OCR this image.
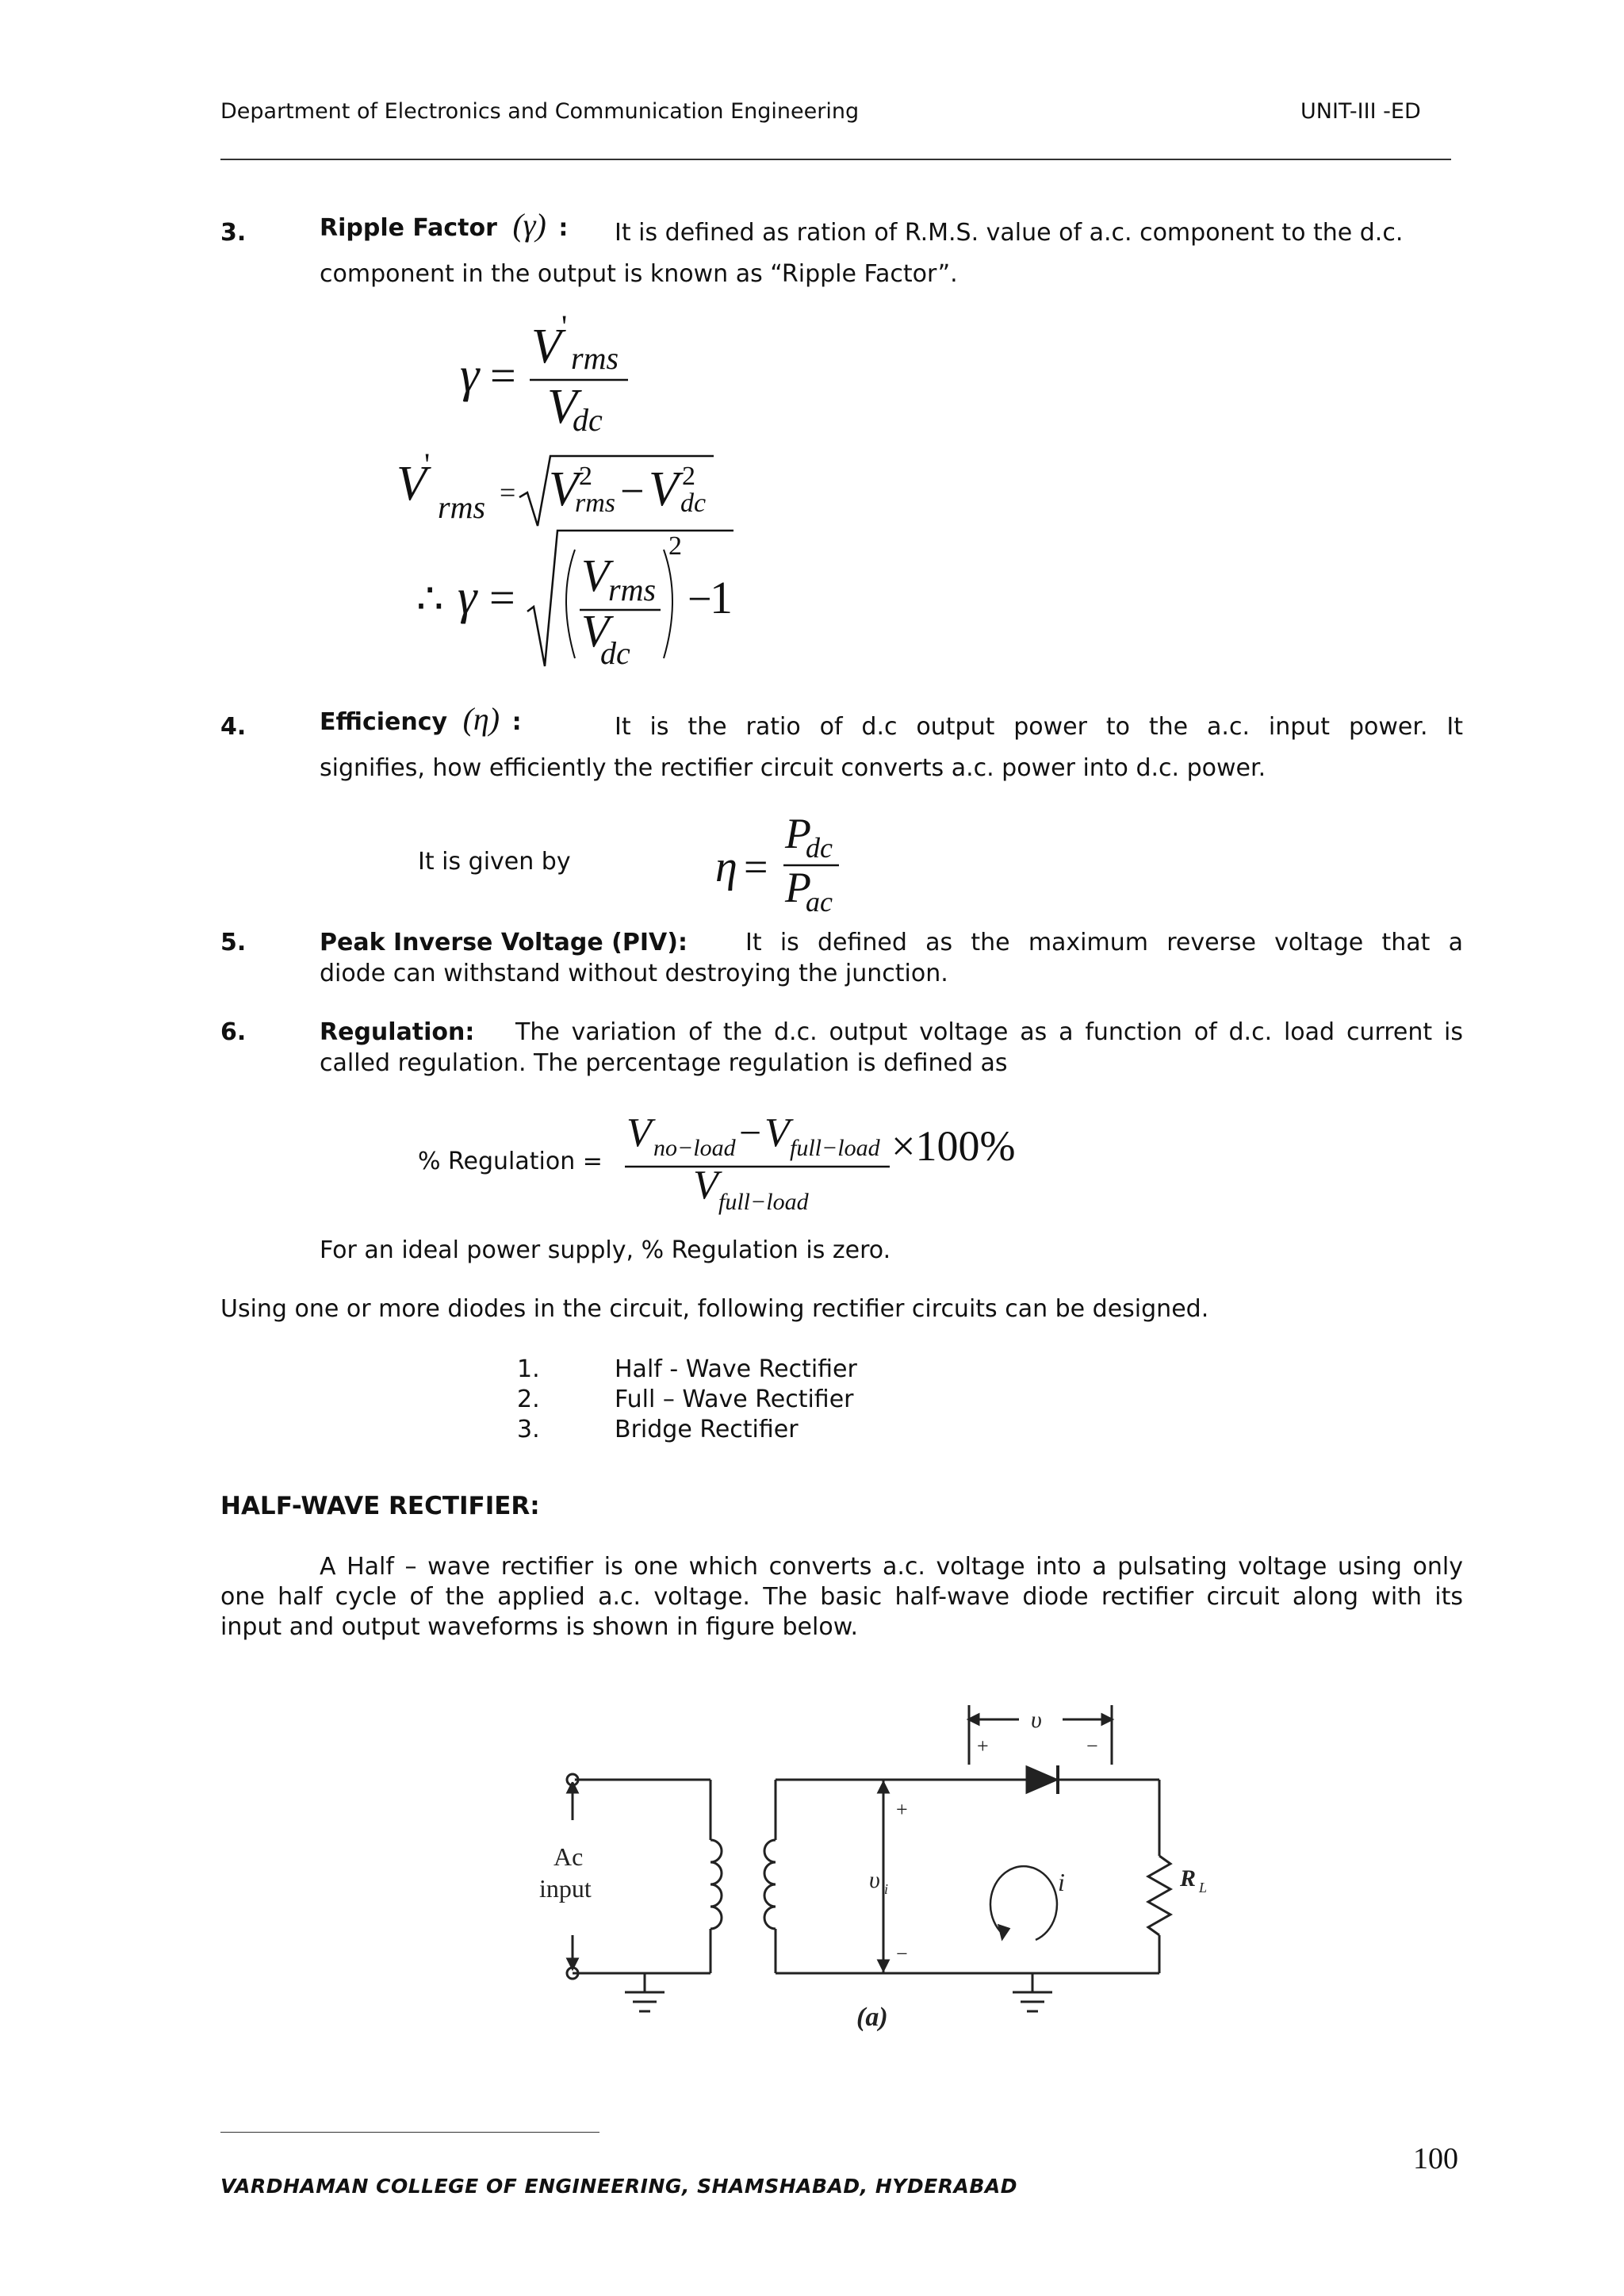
Department of Electronics and Communication Engineering	UNIT-III -ED
3.	Ripple Factor (γ) : It is defined as ration of R.M.S. value of a.c. component to the d.c.
component in the output is known as “Ripple Factor”.
γ =
V '
rms
V
dc
V
'
rms = V 2
rms − V 2
dc
∴ γ = V
rms
V
dc
2
−
1
4.	Efficiency (η) :	It is the ratio of d.c output power to the a.c. input power. It
signifies, how efficiently the rectifier circuit converts a.c. power into d.c. power.
It is given by	η =
P
dc
P
ac
5.	Peak Inverse Voltage (PIV): It is defined as the maximum reverse voltage that a
diode can withstand without destroying the junction.
6.	Regulation: The variation of the d.c. output voltage as a function of d.c. load current is
called regulation. The percentage regulation is defined as
% Regulation =
V no−load − V full−load
V full−load
×100%
For an ideal power supply, % Regulation is zero.
Using one or more diodes in the circuit, following rectifier circuits can be designed.
1.	Half - Wave Rectifier
2.	Full – Wave Rectifier
3.	Bridge Rectifier
HALF-WAVE RECTIFIER:
A Half – wave rectifier is one which converts a.c. voltage into a pulsating voltage using only
one half cycle of the applied a.c. voltage. The basic half-wave diode rectifier circuit along with its
input and output waveforms is shown in figure below.
Ac
input
υ
+	−
+
−
υ i	i	R L
(a)
100
VARDHAMAN COLLEGE OF ENGINEERING, SHAMSHABAD, HYDERABAD
